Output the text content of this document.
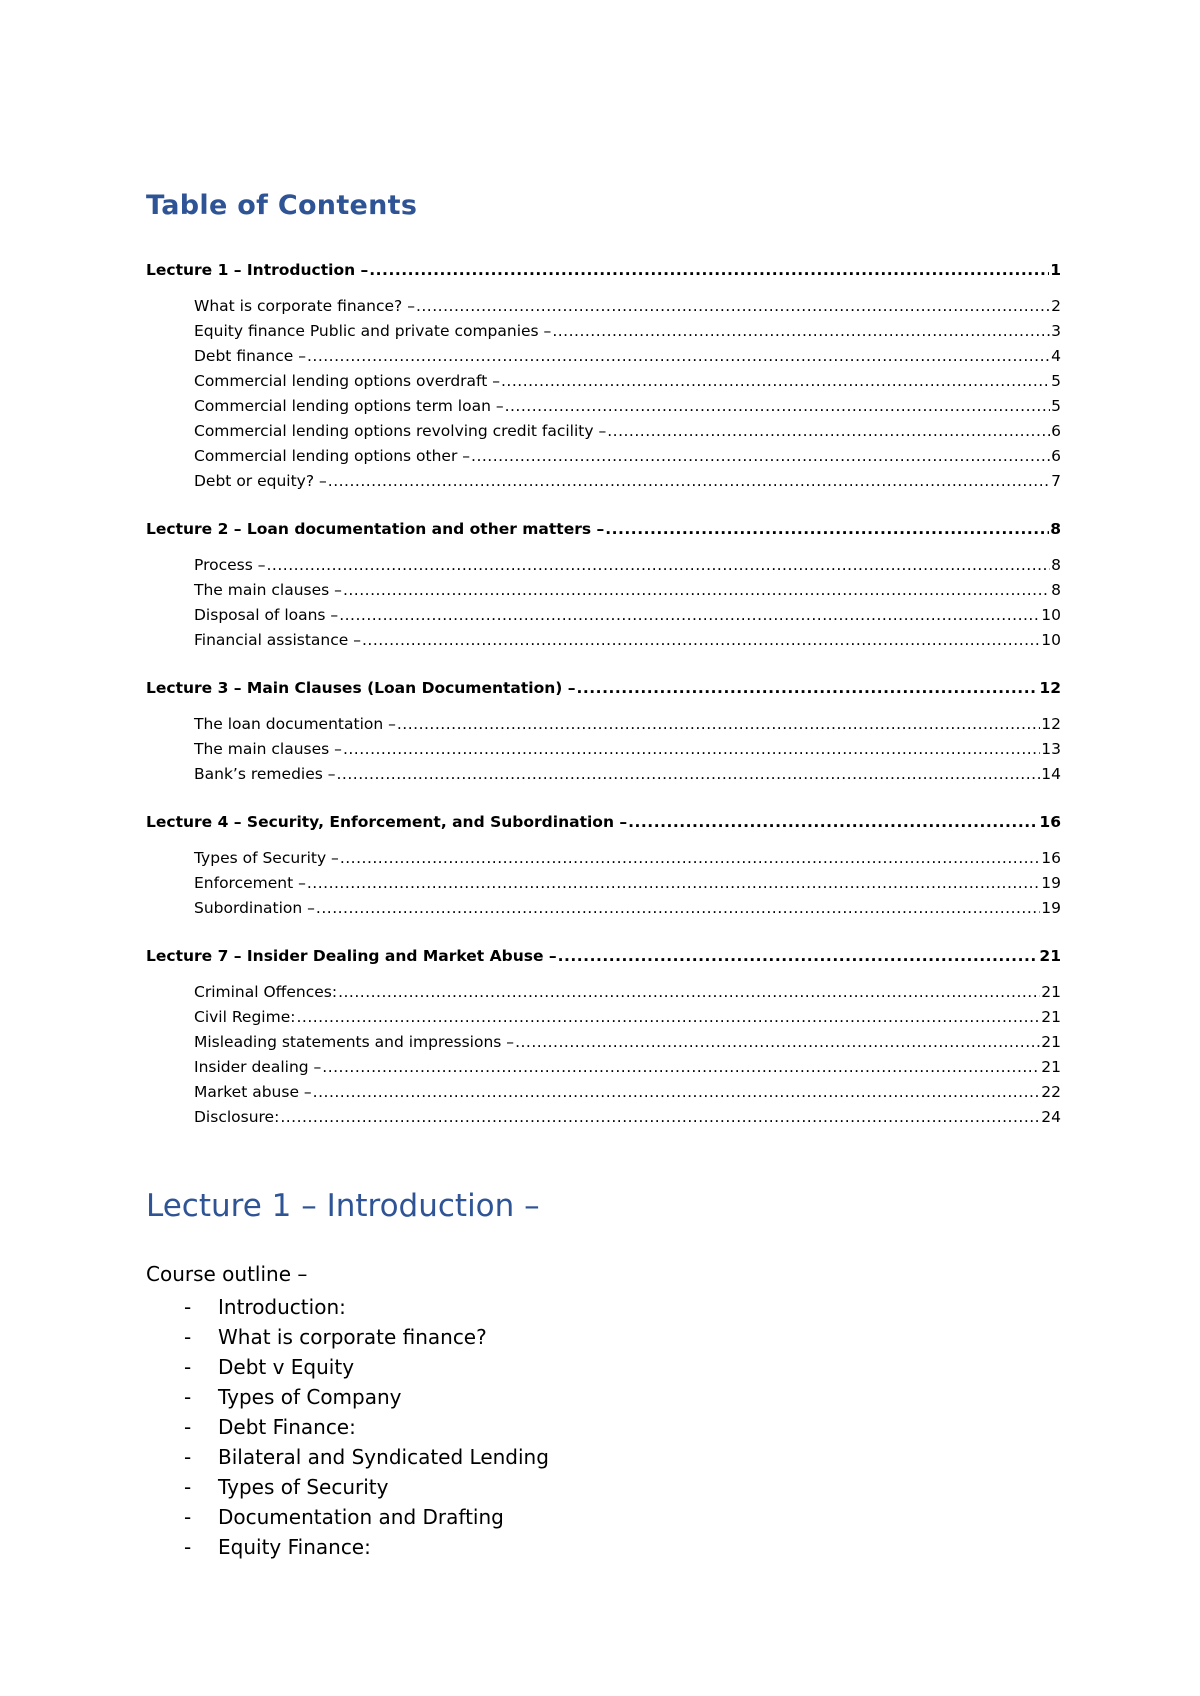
Table of Contents
Lecture 1 – Introduction – .....	1
What is corporate finance? – .....	2
Equity finance Public and private companies – .....	3
Debt finance – .....	4
Commercial lending options overdraft – .....	5
Commercial lending options term loan – .....	5
Commercial lending options revolving credit facility – .....	6
Commercial lending options other – .....	6
Debt or equity? – .....	7
Lecture 2 – Loan documentation and other matters – .....	8
Process – .....	8
The main clauses – .....	8
Disposal of loans – .....	10
Financial assistance – .....	10
Lecture 3 – Main Clauses (Loan Documentation) – .....	12
The loan documentation – .....	12
The main clauses – .....	13
Bank’s remedies – .....	14
Lecture 4 – Security, Enforcement, and Subordination – .....	16
Types of Security – .....	16
Enforcement – .....	19
Subordination – .....	19
Lecture 7 – Insider Dealing and Market Abuse – .....	21
Criminal Offences: .....	21
Civil Regime: .....	21
Misleading statements and impressions – .....	21
Insider dealing – .....	21
Market abuse – .....	22
Disclosure: .....	24
Lecture 1 – Introduction –

Course outline –

-	Introduction:
-	What is corporate finance?
-	Debt v Equity
-	Types of Company
-	Debt Finance:
-	Bilateral and Syndicated Lending
-	Types of Security
-	Documentation and Drafting
-	Equity Finance:
